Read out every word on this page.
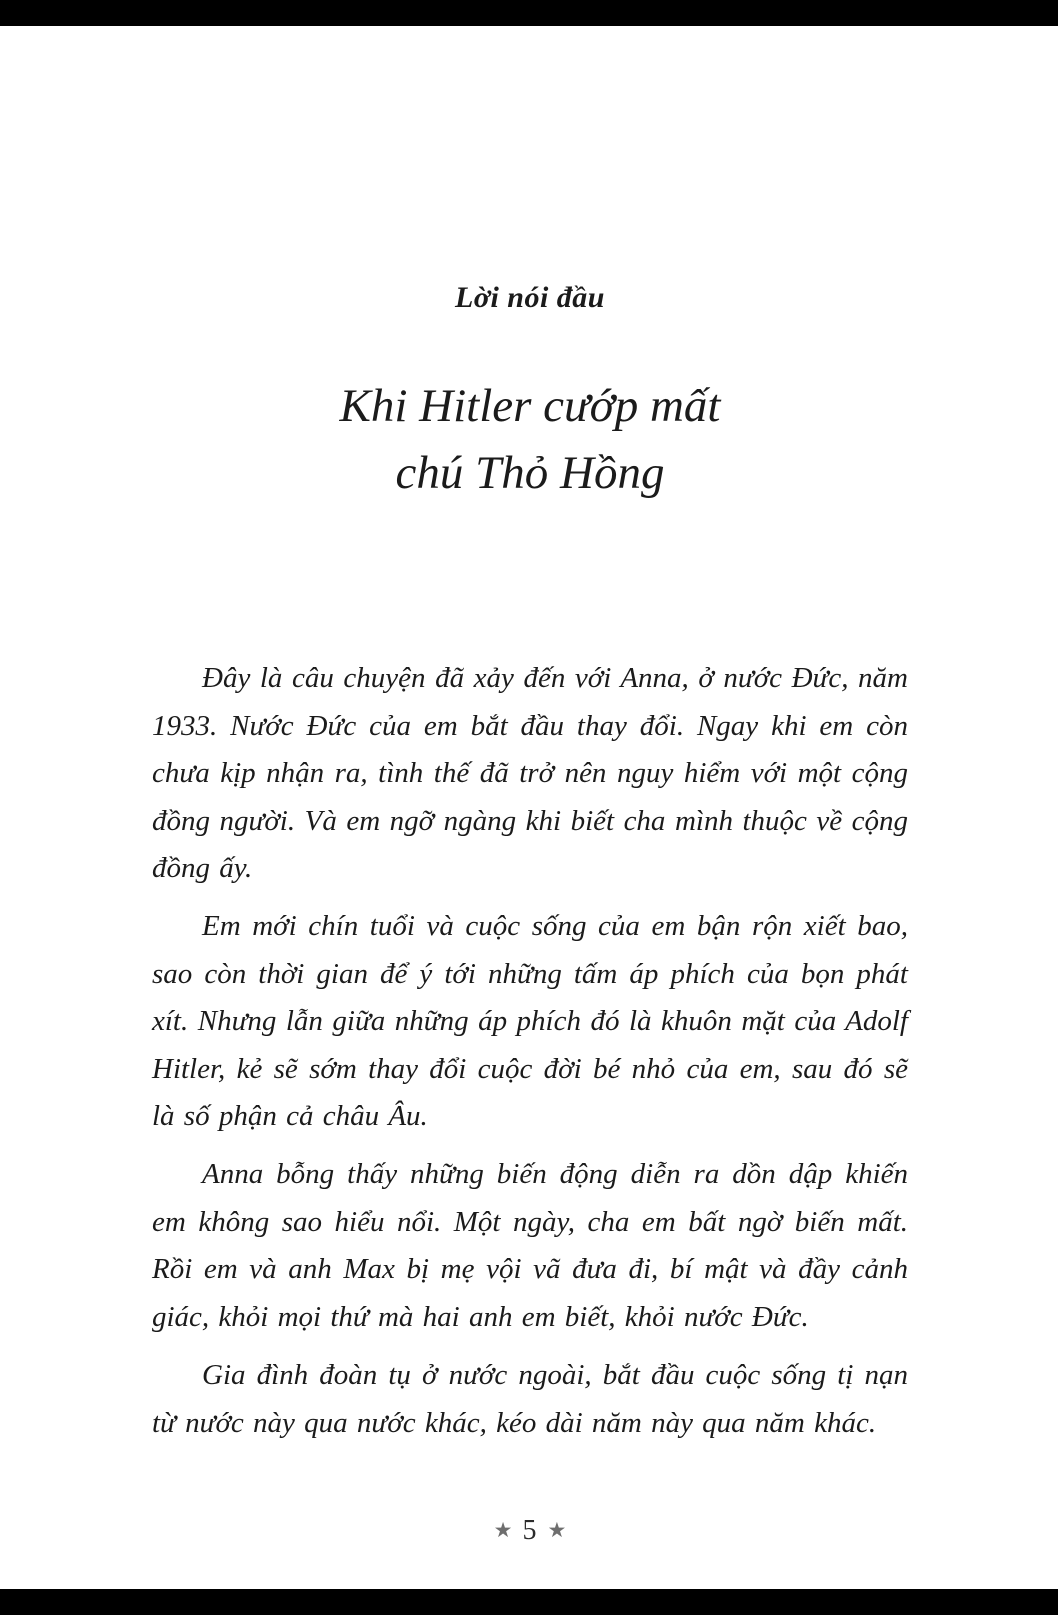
Lời nói đầu
Khi Hitler cướp mất
chú Thỏ Hồng

Đây là câu chuyện đã xảy đến với Anna, ở nước Đức, năm 1933. Nước Đức của em bắt đầu thay đổi. Ngay khi em còn chưa kịp nhận ra, tình thế đã trở nên nguy hiểm với một cộng đồng người. Và em ngỡ ngàng khi biết cha mình thuộc về cộng đồng ấy.

Em mới chín tuổi và cuộc sống của em bận rộn xiết bao, sao còn thời gian để ý tới những tấm áp phích của bọn phát xít. Nhưng lẫn giữa những áp phích đó là khuôn mặt của Adolf Hitler, kẻ sẽ sớm thay đổi cuộc đời bé nhỏ của em, sau đó sẽ là số phận cả châu Âu.

Anna bỗng thấy những biến động diễn ra dồn dập khiến em không sao hiểu nổi. Một ngày, cha em bất ngờ biến mất. Rồi em và anh Max bị mẹ vội vã đưa đi, bí mật và đầy cảnh giác, khỏi mọi thứ mà hai anh em biết, khỏi nước Đức.

Gia đình đoàn tụ ở nước ngoài, bắt đầu cuộc sống tị nạn từ nước này qua nước khác, kéo dài năm này qua năm khác.

★ 5 ★
